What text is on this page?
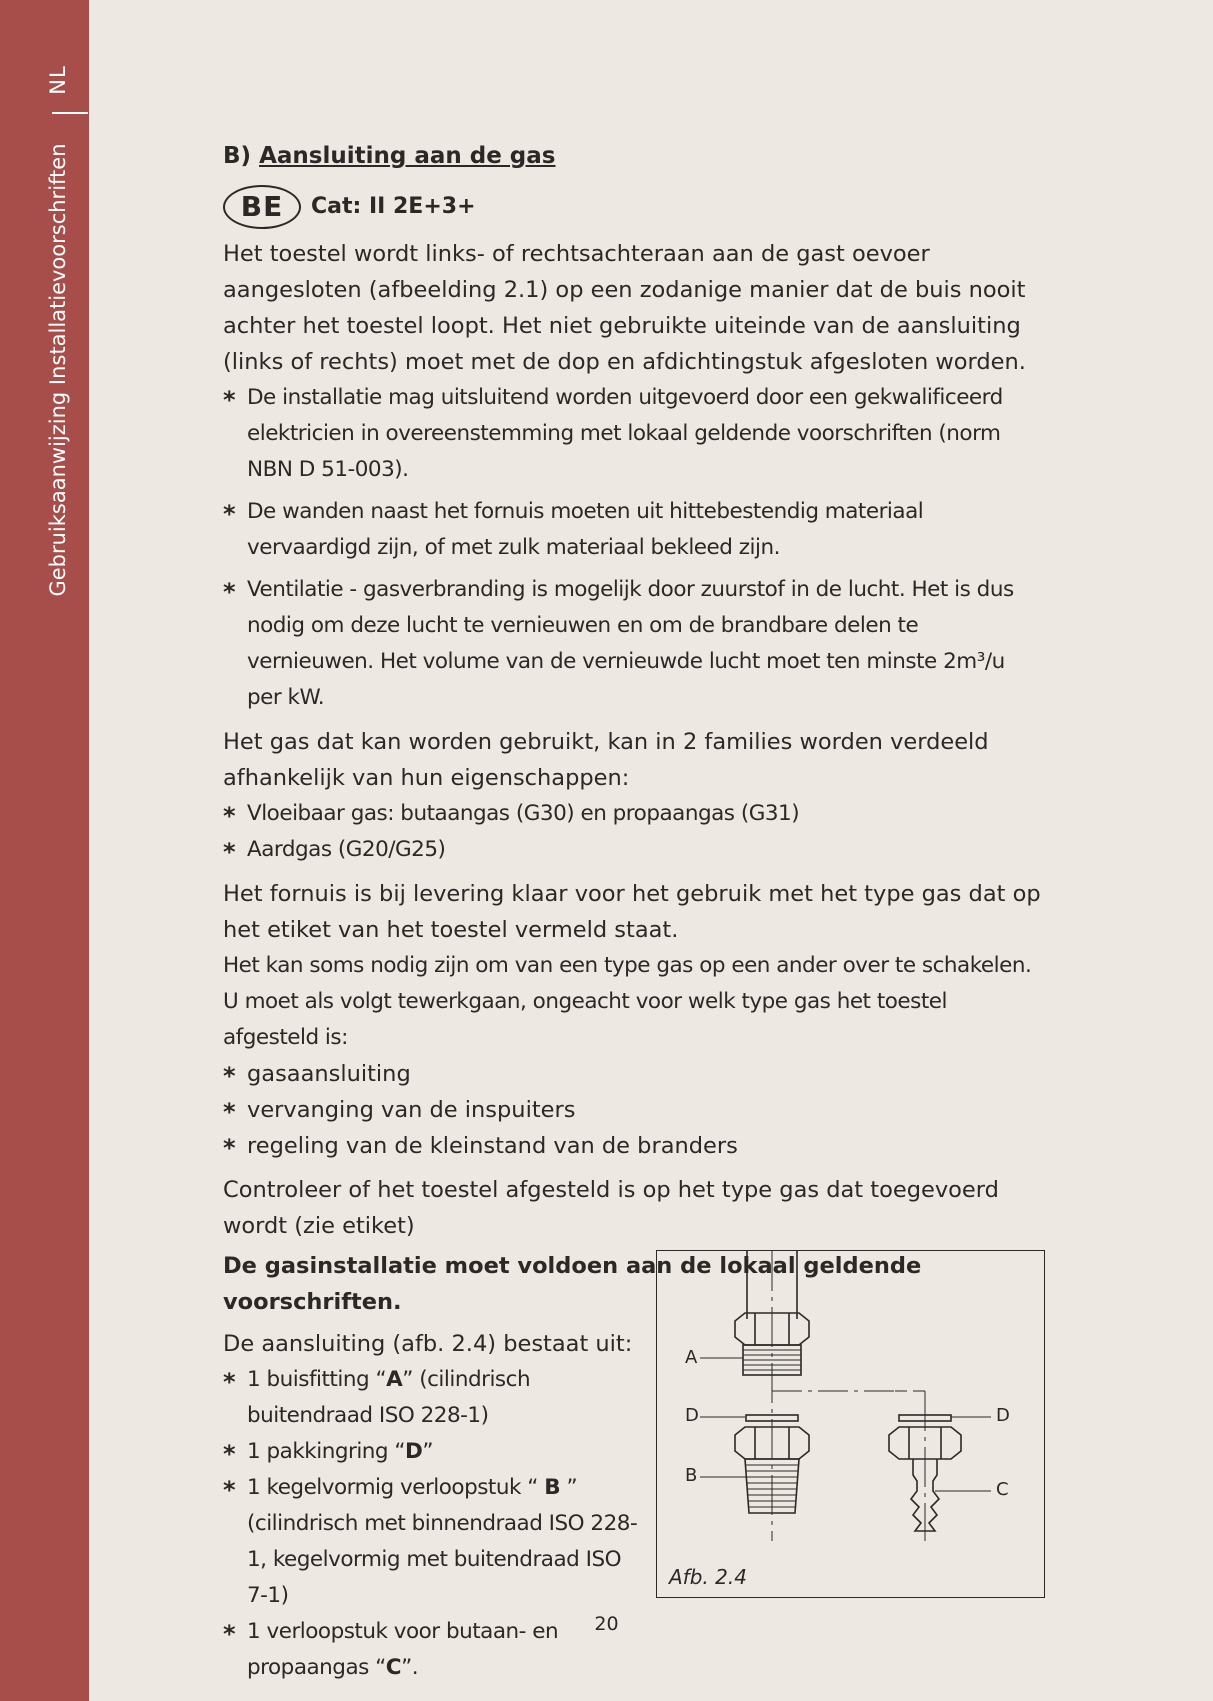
NL
Gebruiksaanwijzing Installatievoorschriften	B) Aansluiting aan de gas
BE	Cat: II 2E+3+

Het toestel wordt links- of rechtsachteraan aan de gast oevoer aangesloten (afbeelding 2.1) op een zodanige manier dat de buis nooit achter het toestel loopt. Het niet gebruikte uiteinde van de aansluiting (links of rechts) moet met de dop en afdichtingstuk afgesloten worden.

* De installatie mag uitsluitend worden uitgevoerd door een gekwalificeerd elektricien in overeenstemming met lokaal geldende voorschriften (norm NBN D 51-003).
* De wanden naast het fornuis moeten uit hittebestendig materiaal vervaardigd zijn, of met zulk materiaal bekleed zijn.
* Ventilatie - gasverbranding is mogelijk door zuurstof in de lucht. Het is dus nodig om deze lucht te vernieuwen en om de brandbare delen te vernieuwen. Het volume van de vernieuwde lucht moet ten minste 2m³/u per kW.

Het gas dat kan worden gebruikt, kan in 2 families worden verdeeld afhankelijk van hun eigenschappen:

* Vloeibaar gas: butaangas (G30) en propaangas (G31)
* Aardgas (G20/G25)

Het fornuis is bij levering klaar voor het gebruik met het type gas dat op het etiket van het toestel vermeld staat.

Het kan soms nodig zijn om van een type gas op een ander over te schakelen.

U moet als volgt tewerkgaan, ongeacht voor welk type gas het toestel afgesteld is:

* gasaansluiting
* vervanging van de inspuiters
* regeling van de kleinstand van de branders

Controleer of het toestel afgesteld is op het type gas dat toegevoerd wordt (zie etiket)

De gasinstallatie moet voldoen aan de lokaal geldende voorschriften.

De aansluiting (afb. 2.4) bestaat uit:

* 1 buisfitting “A” (cilindrisch buitendraad ISO 228-1)
* 1 pakkingring “D”
* 1 kegelvormig verloopstuk “ B ” (cilindrisch met binnendraad ISO 228-1, kegelvormig met buitendraad ISO 7-1)
* 1 verloopstuk voor butaan- en propaangas “C”.
A
D
B
D
C
Afb. 2.4
20
